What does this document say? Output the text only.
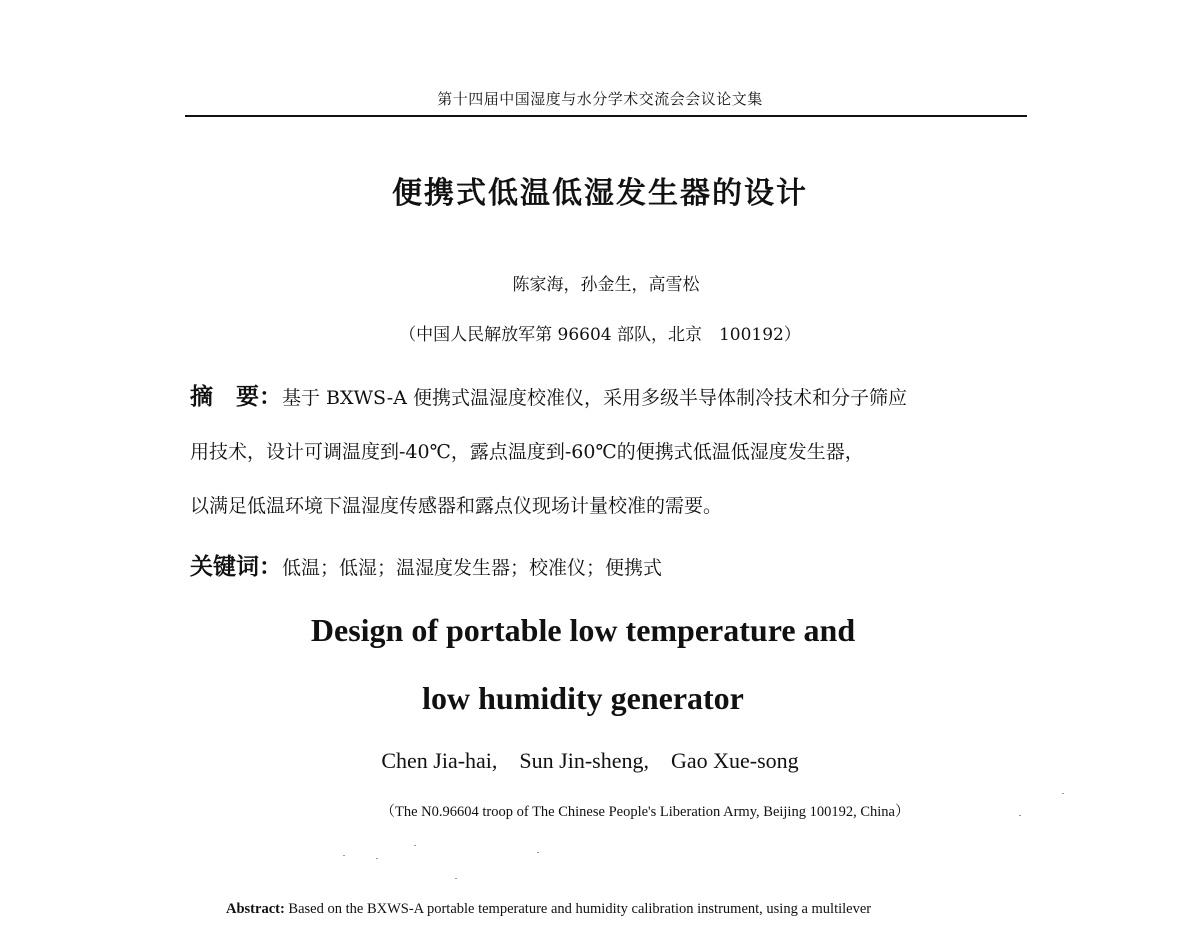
第十四届中国湿度与水分学术交流会会议论文集
便携式低温低湿发生器的设计
陈家海，孙金生，高雪松
（中国人民解放军第 96604 部队，北京　100192）
摘　要：基于 BXWS-A 便携式温湿度校准仪，采用多级半导体制冷技术和分子筛应
用技术，设计可调温度到-40℃，露点温度到-60℃的便携式低温低湿度发生器，
以满足低温环境下温湿度传感器和露点仪现场计量校准的需要。
关键词：低温；低湿；温湿度发生器；校准仪；便携式
Design of portable low temperature and
low humidity generator
Chen Jia-hai,　Sun Jin-sheng,　Gao Xue-song
（The N0.96604 troop of The Chinese People's Liberation Army, Beijing 100192, China）
Abstract: Based on the BXWS-A portable temperature and humidity calibration instrument, using a multilever
